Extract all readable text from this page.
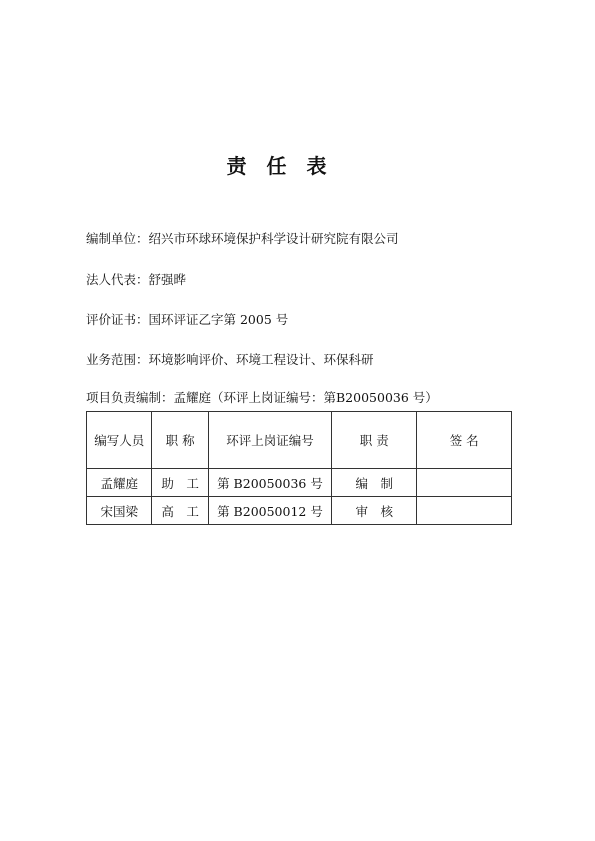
责　任　表
编制单位：绍兴市环球环境保护科学设计研究院有限公司
法人代表：舒强晔
评价证书：国环评证乙字第 2005 号
业务范围：环境影响评价、环境工程设计、环保科研
项目负责编制：孟耀庭（环评上岗证编号：第B20050036 号）
编写人员	职 称	环评上岗证编号	职 责	签 名
孟耀庭	助　工	第 B20050036 号	编　制	
宋国梁	高　工	第 B20050012 号	审　核	
